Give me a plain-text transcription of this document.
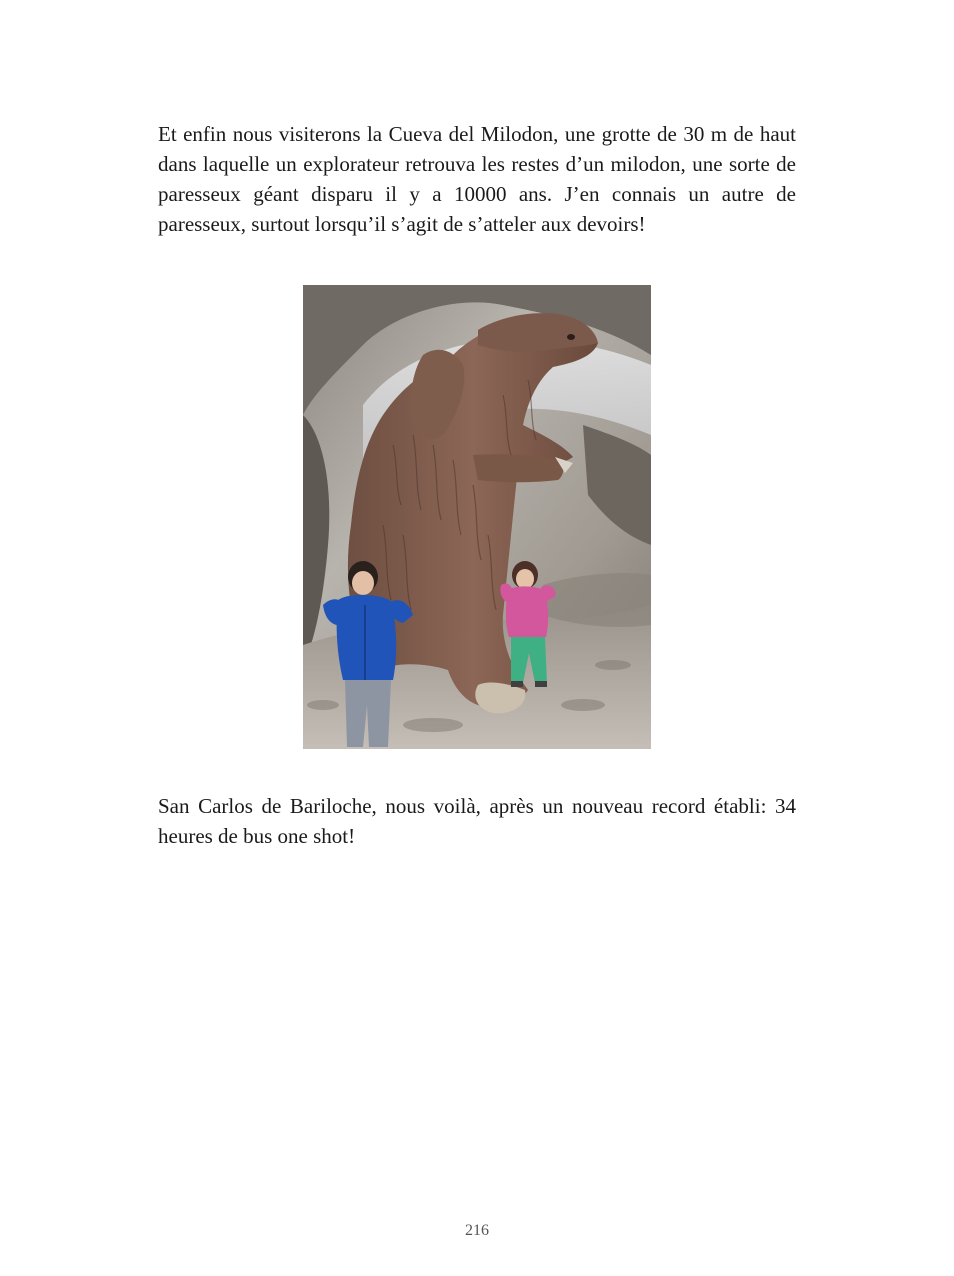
Et enfin nous visiterons la Cueva del Milodon, une grotte de 30 m de haut dans laquelle un explorateur retrouva les restes d’un milodon, une sorte de paresseux géant disparu il y a 10000 ans. J’en connais un autre de paresseux, surtout lorsqu’il s’agit de s’atteler aux devoirs!

San Carlos de Bariloche, nous voilà, après un nouveau record établi: 34 heures de bus one shot!

216
